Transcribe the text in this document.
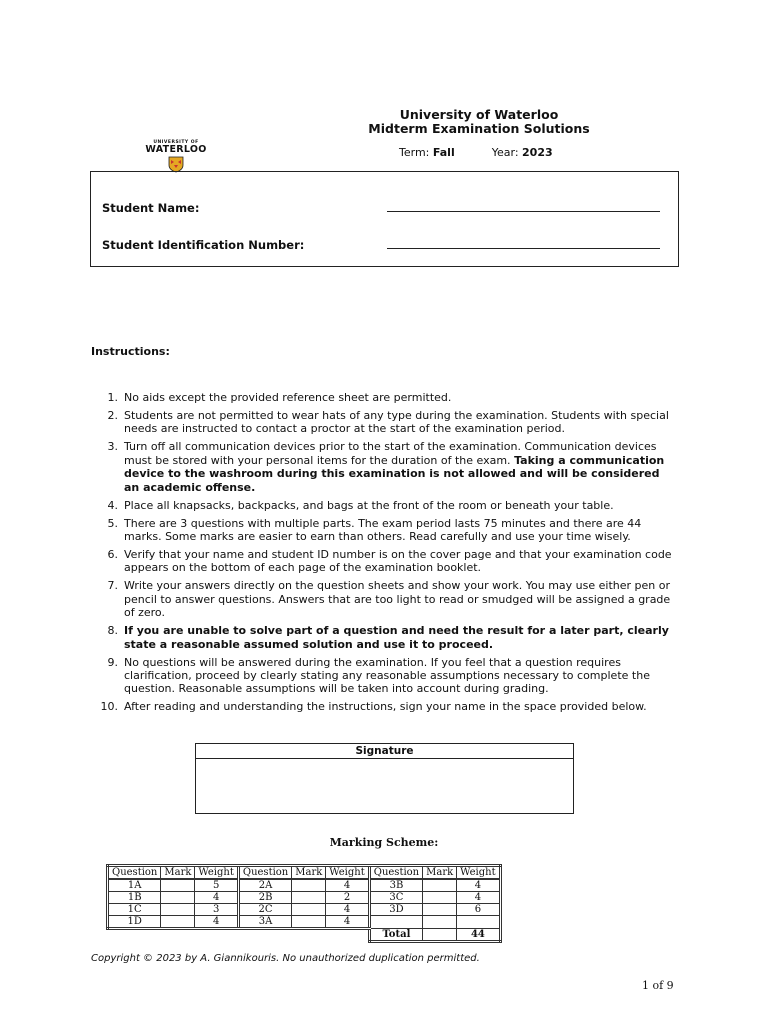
University of Waterloo
Midterm Examination Solutions
UNIVERSITY OF
WATERLOO	Term: Fall	Year: 2023
Student Name:
Student Identification Number:
Instructions:
1. No aids except the provided reference sheet are permitted.
2. Students are not permitted to wear hats of any type during the examination. Students with special needs are instructed to contact a proctor at the start of the examination period.
3. Turn off all communication devices prior to the start of the examination. Communication devices must be stored with your personal items for the duration of the exam. Taking a communication device to the washroom during this examination is not allowed and will be considered an academic offense.
4. Place all knapsacks, backpacks, and bags at the front of the room or beneath your table.
5. There are 3 questions with multiple parts. The exam period lasts 75 minutes and there are 44 marks. Some marks are easier to earn than others. Read carefully and use your time wisely.
6. Verify that your name and student ID number is on the cover page and that your examination code appears on the bottom of each page of the examination booklet.
7. Write your answers directly on the question sheets and show your work. You may use either pen or pencil to answer questions. Answers that are too light to read or smudged will be assigned a grade of zero.
8. If you are unable to solve part of a question and need the result for a later part, clearly state a reasonable assumed solution and use it to proceed.
9. No questions will be answered during the examination. If you feel that a question requires clarification, proceed by clearly stating any reasonable assumptions necessary to complete the question. Reasonable assumptions will be taken into account during grading.
10. After reading and understanding the instructions, sign your name in the space provided below.
Signature
Marking Scheme:
Question	Mark	Weight	Question	Mark	Weight	Question	Mark	Weight
1A		5	2A		4	3B		4
1B		4	2B		2	3C		4
1C		3	2C		4	3D		6
1D		4	3A		4			
						Total		44
Copyright © 2023 by A. Giannikouris. No unauthorized duplication permitted.
1 of 9
